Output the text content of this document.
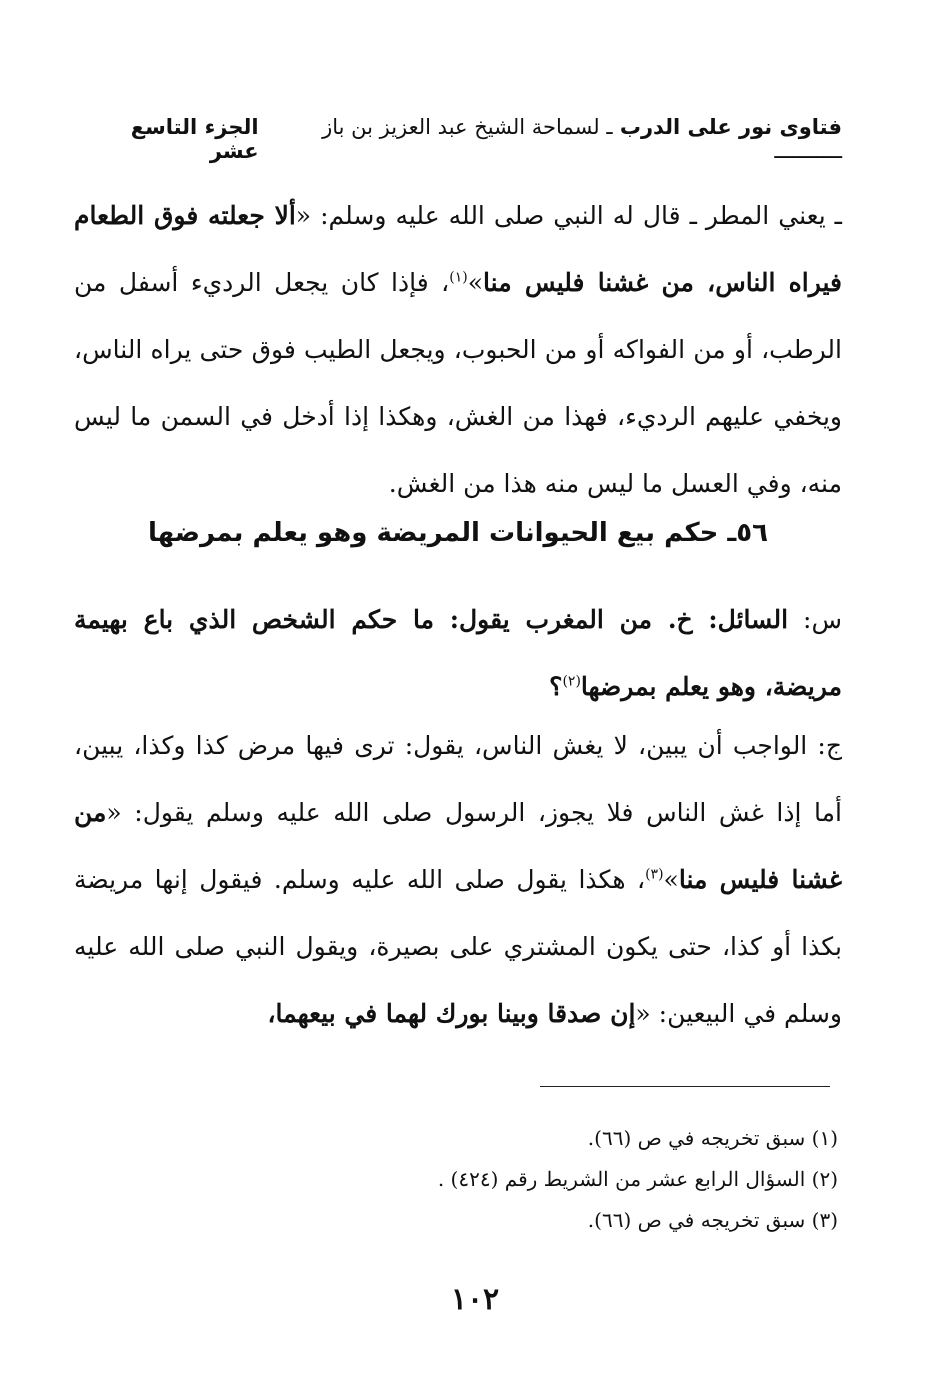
فتاوى نور على الدرب ـ لسماحة الشيخ عبد العزيز بن باز ـــــــــــ
الجزء التاسع عشر
ـ يعني المطر ـ قال له النبي صلى الله عليه وسلم: «ألا جعلته فوق الطعام فيراه الناس، من غشنا فليس منا»$^{(١)}$، فإذا كان يجعل الرديء أسفل من الرطب، أو من الفواكه أو من الحبوب، ويجعل الطيب فوق حتى يراه الناس، ويخفي عليهم الرديء، فهذا من الغش، وهكذا إذا أدخل في السمن ما ليس منه، وفي العسل ما ليس منه هذا من الغش.
٥٦ـ حكم بيع الحيوانات المريضة وهو يعلم بمرضها
س: السائل: خ. من المغرب يقول: ما حكم الشخص الذي باع بهيمة مريضة، وهو يعلم بمرضها$^{(٢)}$؟
ج: الواجب أن يبين، لا يغش الناس، يقول: ترى فيها مرض كذا وكذا، يبين، أما إذا غش الناس فلا يجوز، الرسول صلى الله عليه وسلم يقول: «من غشنا فليس منا»$^{(٣)}$، هكذا يقول صلى الله عليه وسلم. فيقول إنها مريضة بكذا أو كذا، حتى يكون المشتري على بصيرة، ويقول النبي صلى الله عليه وسلم في البيعين: «إن صدقا وبينا بورك لهما في بيعهما،
(١) سبق تخريجه في ص (٦٦).
(٢) السؤال الرابع عشر من الشريط رقم (٤٢٤) .
(٣) سبق تخريجه في ص (٦٦).
١٠٢
